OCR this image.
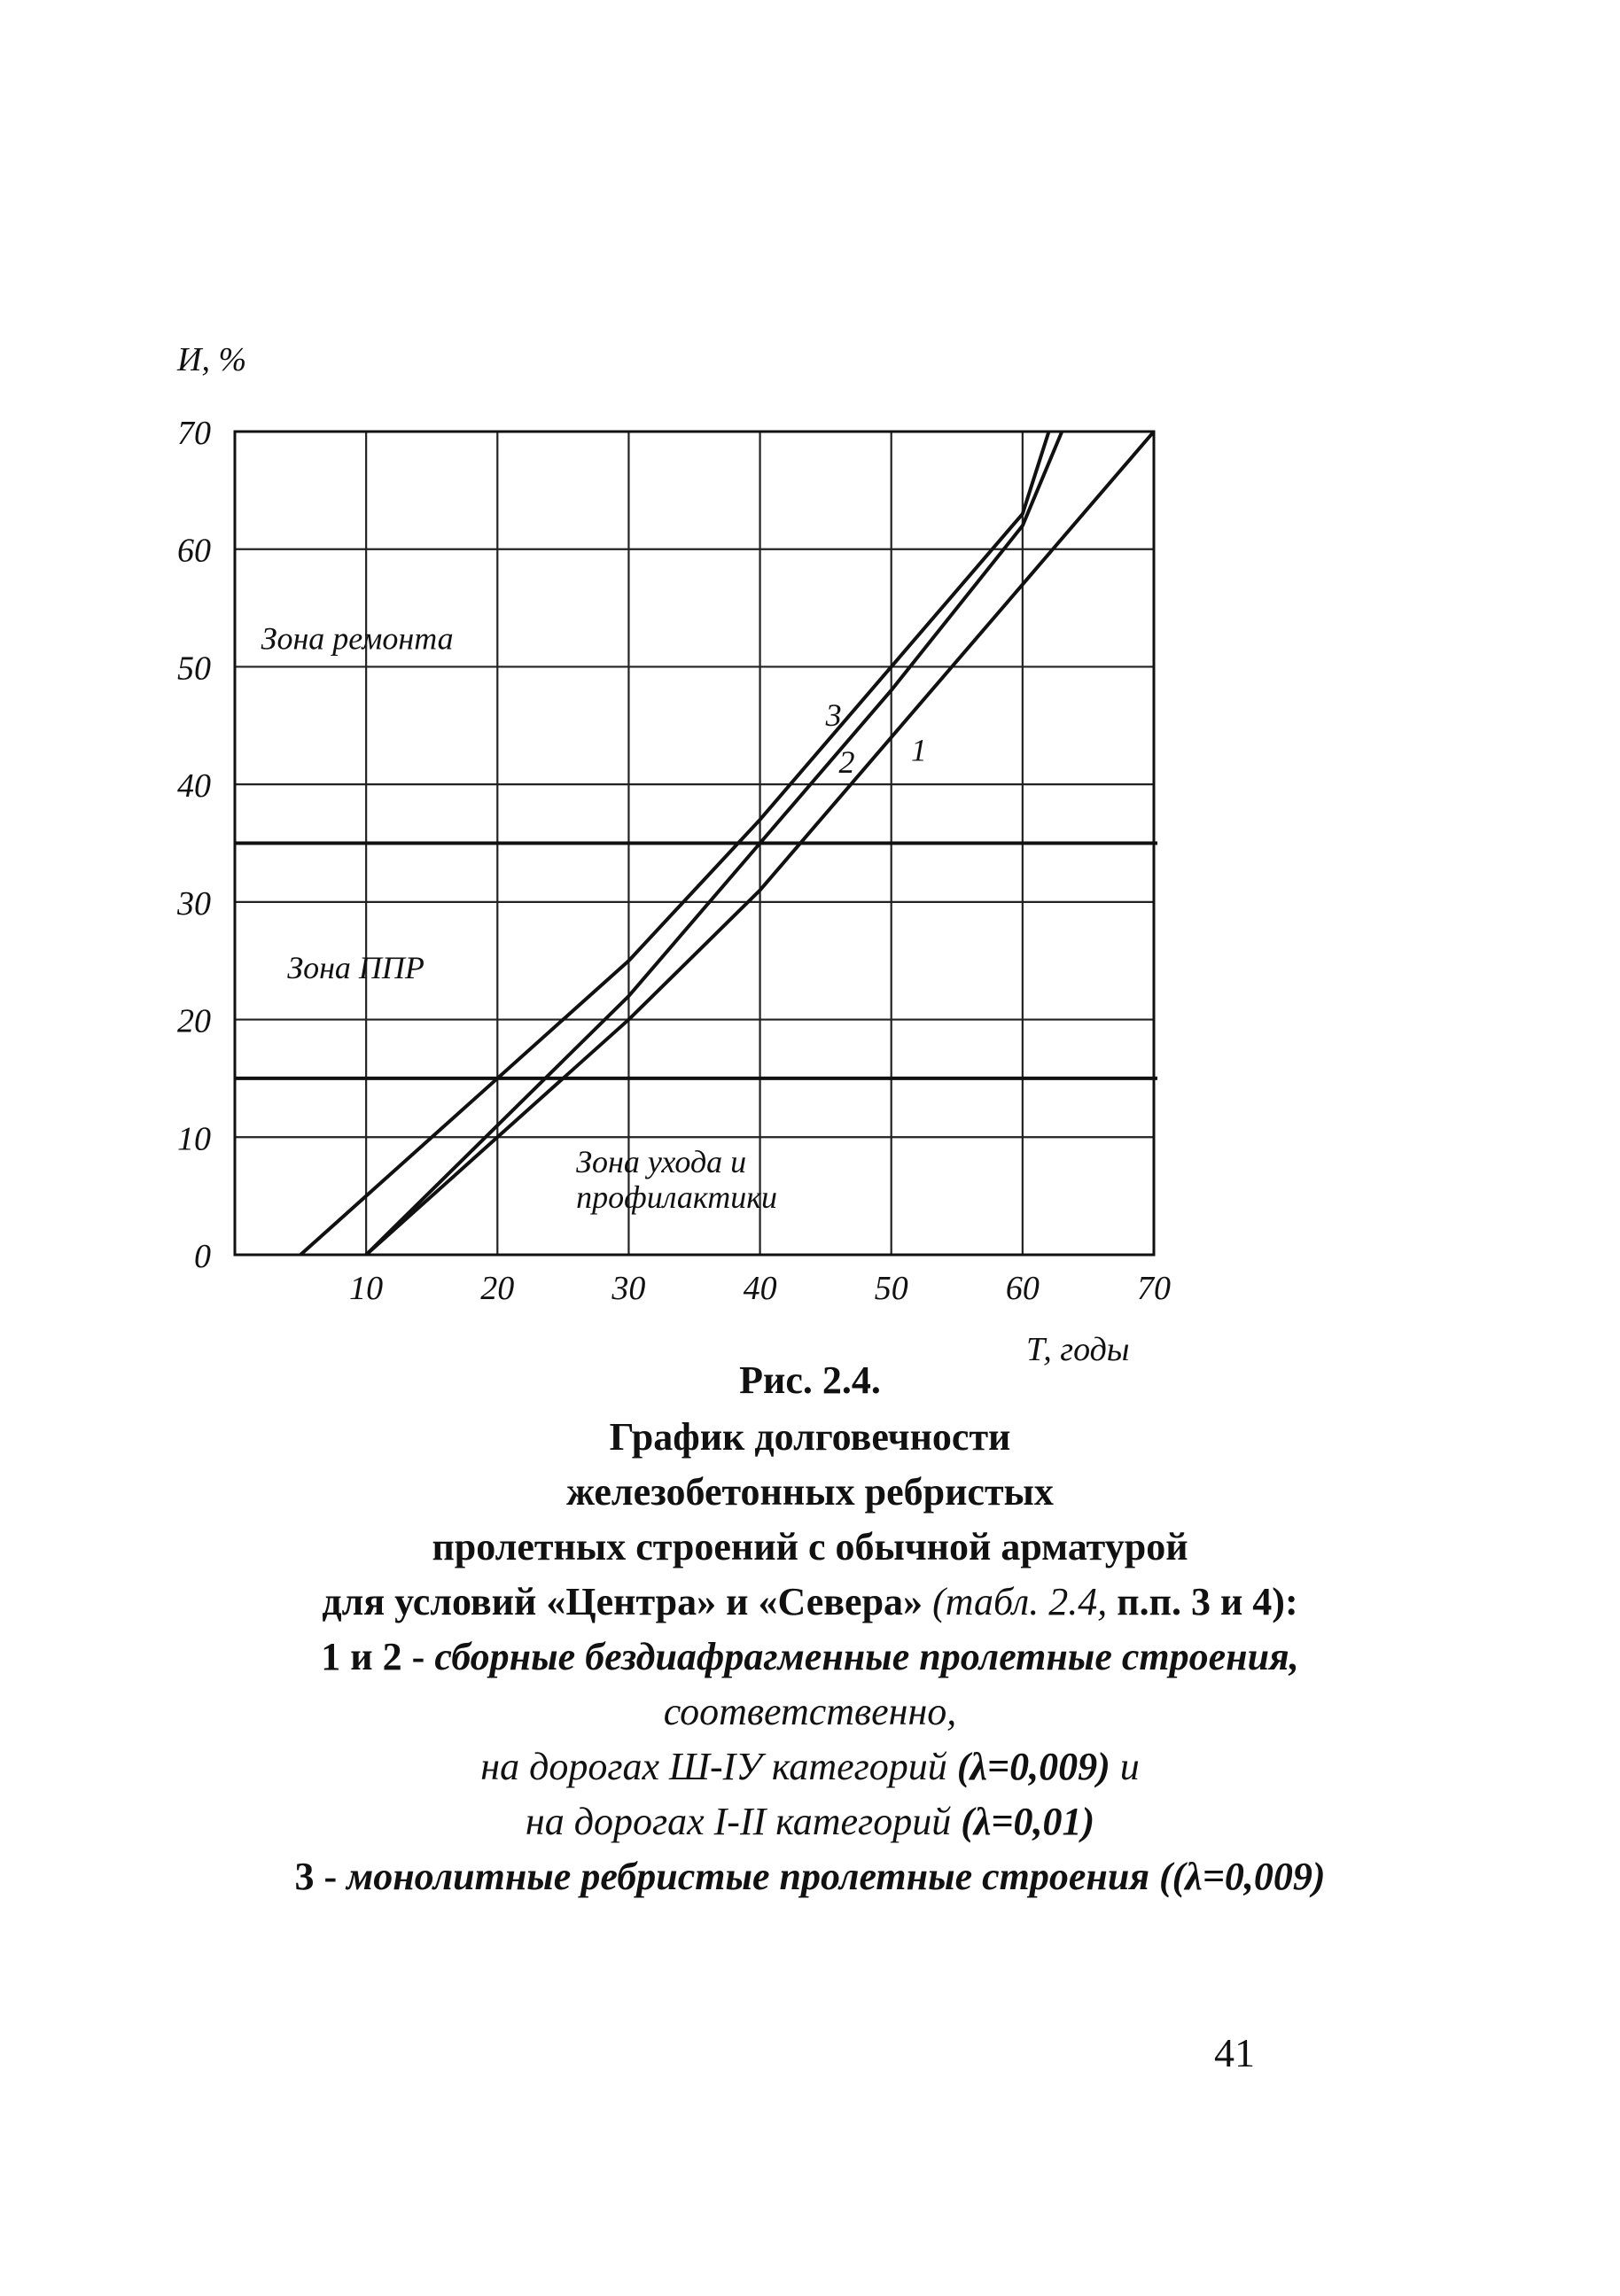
10	20	30	40	50	60	70
0
10
20
30
40
50
60
70
Зона ремонта
Зона ППР
Зона ухода и
профилактики
1
2
3
И, %
Т, годы
Рис. 2.4.
График долговечности
железобетонных ребристых
пролетных строений с обычной арматурой
для условий «Центра» и «Севера» (табл. 2.4, п.п. 3 и 4):
1 и 2 - сборные бездиафрагменные пролетные строения,
соответственно,
на дорогах Ш-IУ категорий (λ=0,009) и
на дорогах I-II категорий (λ=0,01)
3 - монолитные ребристые пролетные строения ((λ=0,009)
41
